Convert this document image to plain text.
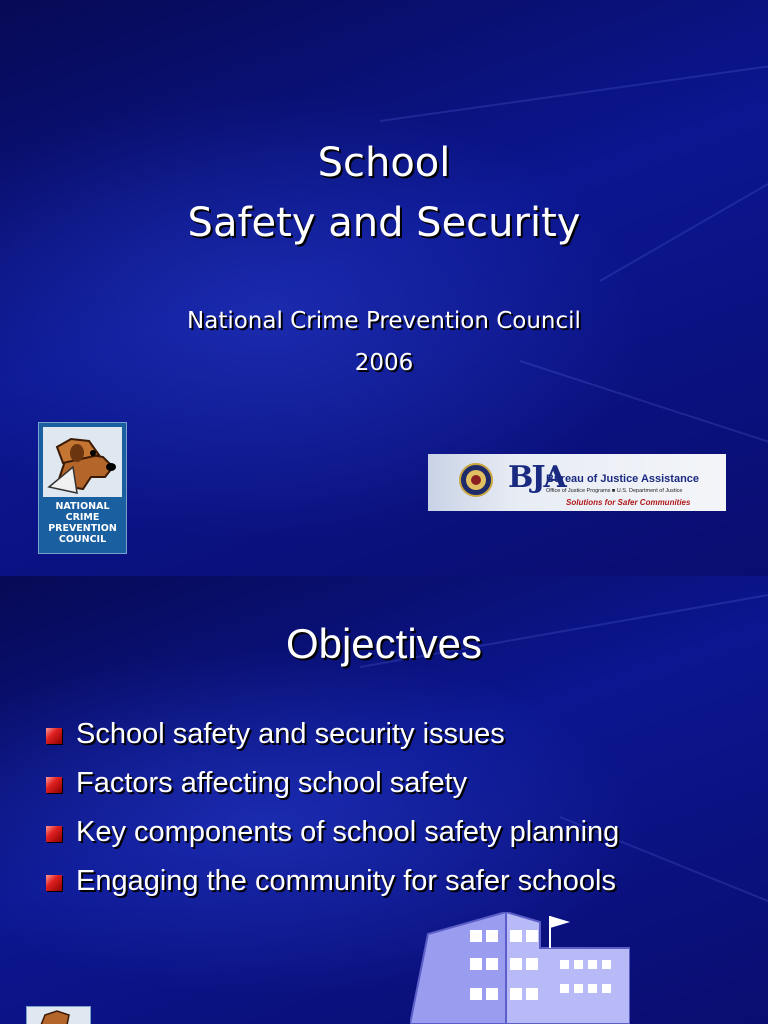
School
Safety and Security
National Crime Prevention Council
2006
NATIONAL
CRIME
PREVENTION
COUNCIL
BJA
Bureau of Justice Assistance
Office of Justice Programs ■ U.S. Department of Justice
Solutions for Safer Communities
Objectives
School safety and security issues
Factors affecting school safety
Key components of school safety planning
Engaging the community for safer schools
